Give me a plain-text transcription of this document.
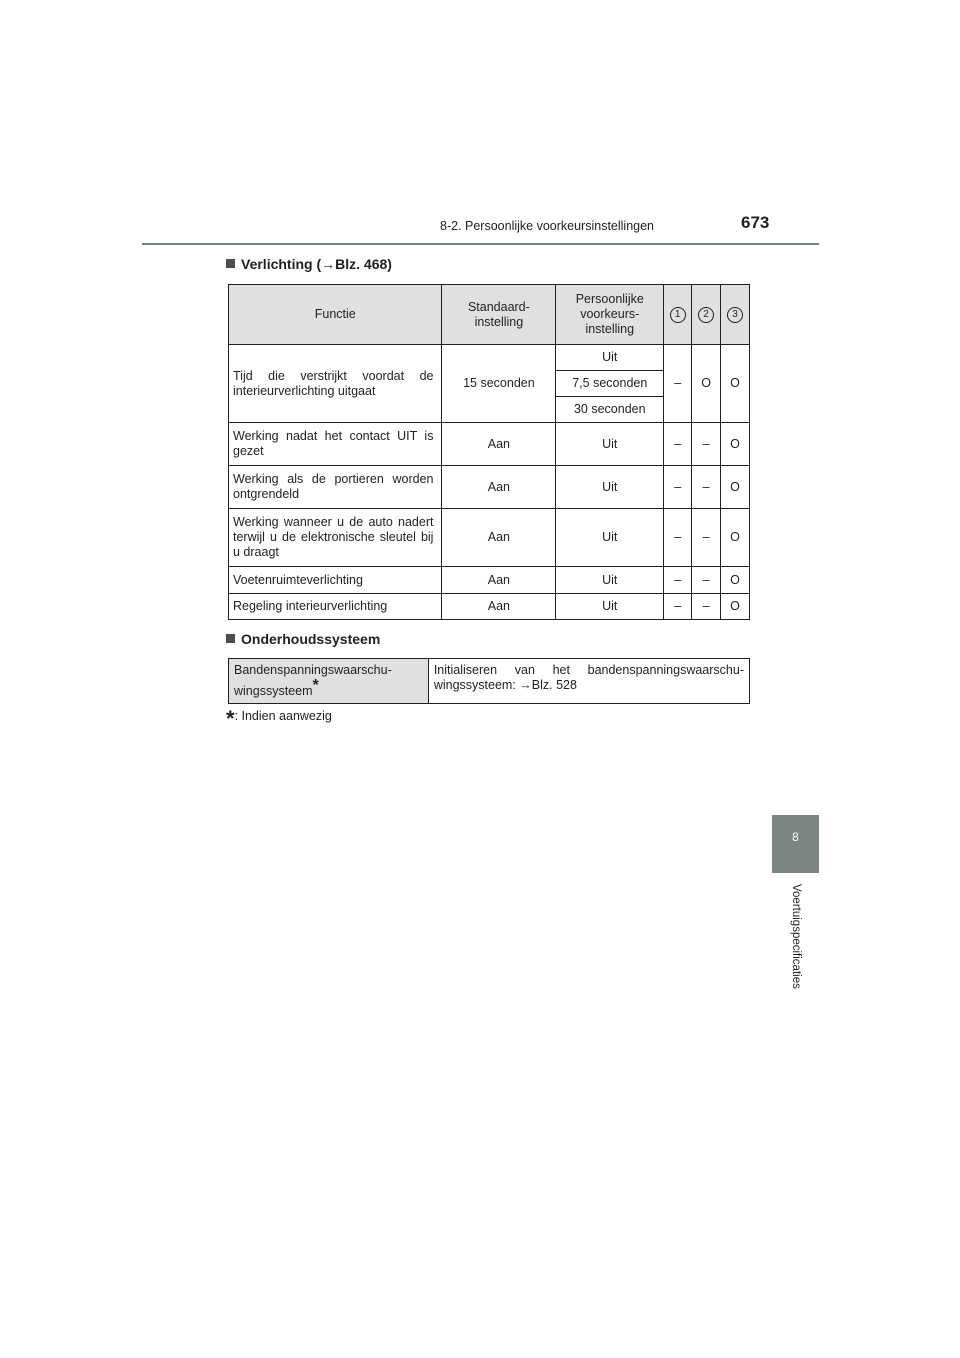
8-2. Persoonlijke voorkeursinstellingen	673
Verlichting (→Blz. 468)
Functie	Standaard-instelling	Persoonlijke voorkeurs-instelling	1	2	3
Tijd die verstrijkt voordat de interieurverlichting uitgaat	15 seconden	Uit	–	O	O
		7,5 seconden			
		30 seconden			
Werking nadat het contact UIT is gezet	Aan	Uit	–	–	O
Werking als de portieren worden ontgrendeld	Aan	Uit	–	–	O
Werking wanneer u de auto nadert terwijl u de elektronische sleutel bij u draagt	Aan	Uit	–	–	O
Voetenruimteverlichting	Aan	Uit	–	–	O
Regeling interieurverlichting	Aan	Uit	–	–	O
Onderhoudssysteem
Bandenspanningswaarschu-wingssysteem*	Initialiseren van het bandenspanningswaarschu-wingssysteem: →Blz. 528
*: Indien aanwezig
8
Voertuigspecificaties
